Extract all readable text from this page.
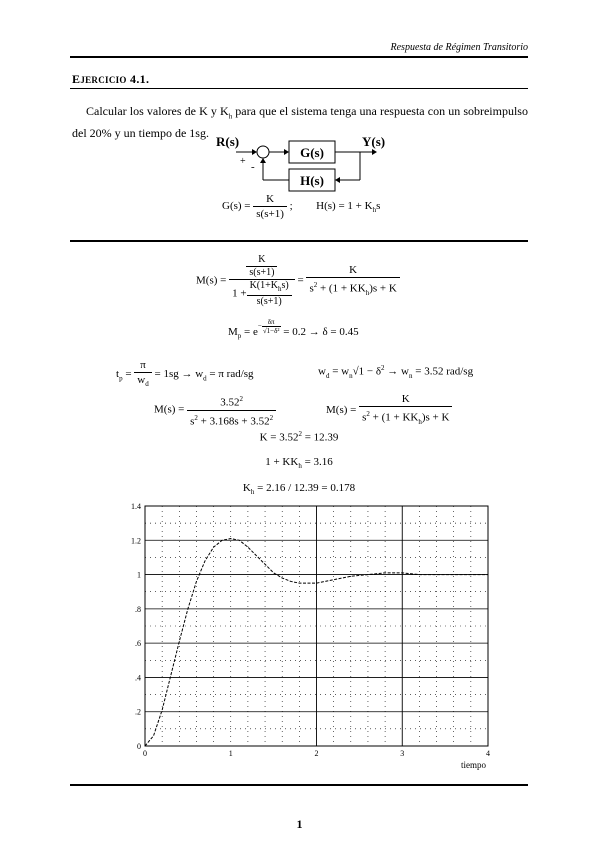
Respuesta de Régimen Transitorio
EJERCICIO 4.1.
Calcular los valores de K y $K_h$ para que el sistema tenga una respuesta con un sobreimpulso del 20% y un tiempo de 1sg.
R(s)	Y(s)
+ -
G(s)
H(s)
$G(s) = \frac{K}{s(s+1)}$ ; $H(s) = 1 + K_hs$
$M(s) = \frac{\frac{K}{s(s+1)}}{1 + \frac{K(1+K_hs)}{s(s+1)}} = \frac{K}{s^2 + (1 + KK_h)s + K}$
$M_p = e- \frac{\delta\pi}{\text{√1−δ²}} = 0.2 \to \delta = 0.45$
$t_p = \frac{\pi}{w_d} = 1sg \to w_d = \pi$ rad/sg	$w_d = w_n√1 - \delta^2 \to w_n = 3.52$ rad/sg
$M(s) = \frac{3.52^2}{s^2 + 3.168s + 3.52^2}$	$M(s) = \frac{K}{s^2 + (1 + KK_h)s + K}$
$K = 3.52^2 = 12.39$
$1 + KK_h = 3.16$
$K_h = 2.16 / 12.39 = 0.178$
0
.2
.4
.6
.8
1
1.2
1.4
0	1	2	3	4
tiempo
1
